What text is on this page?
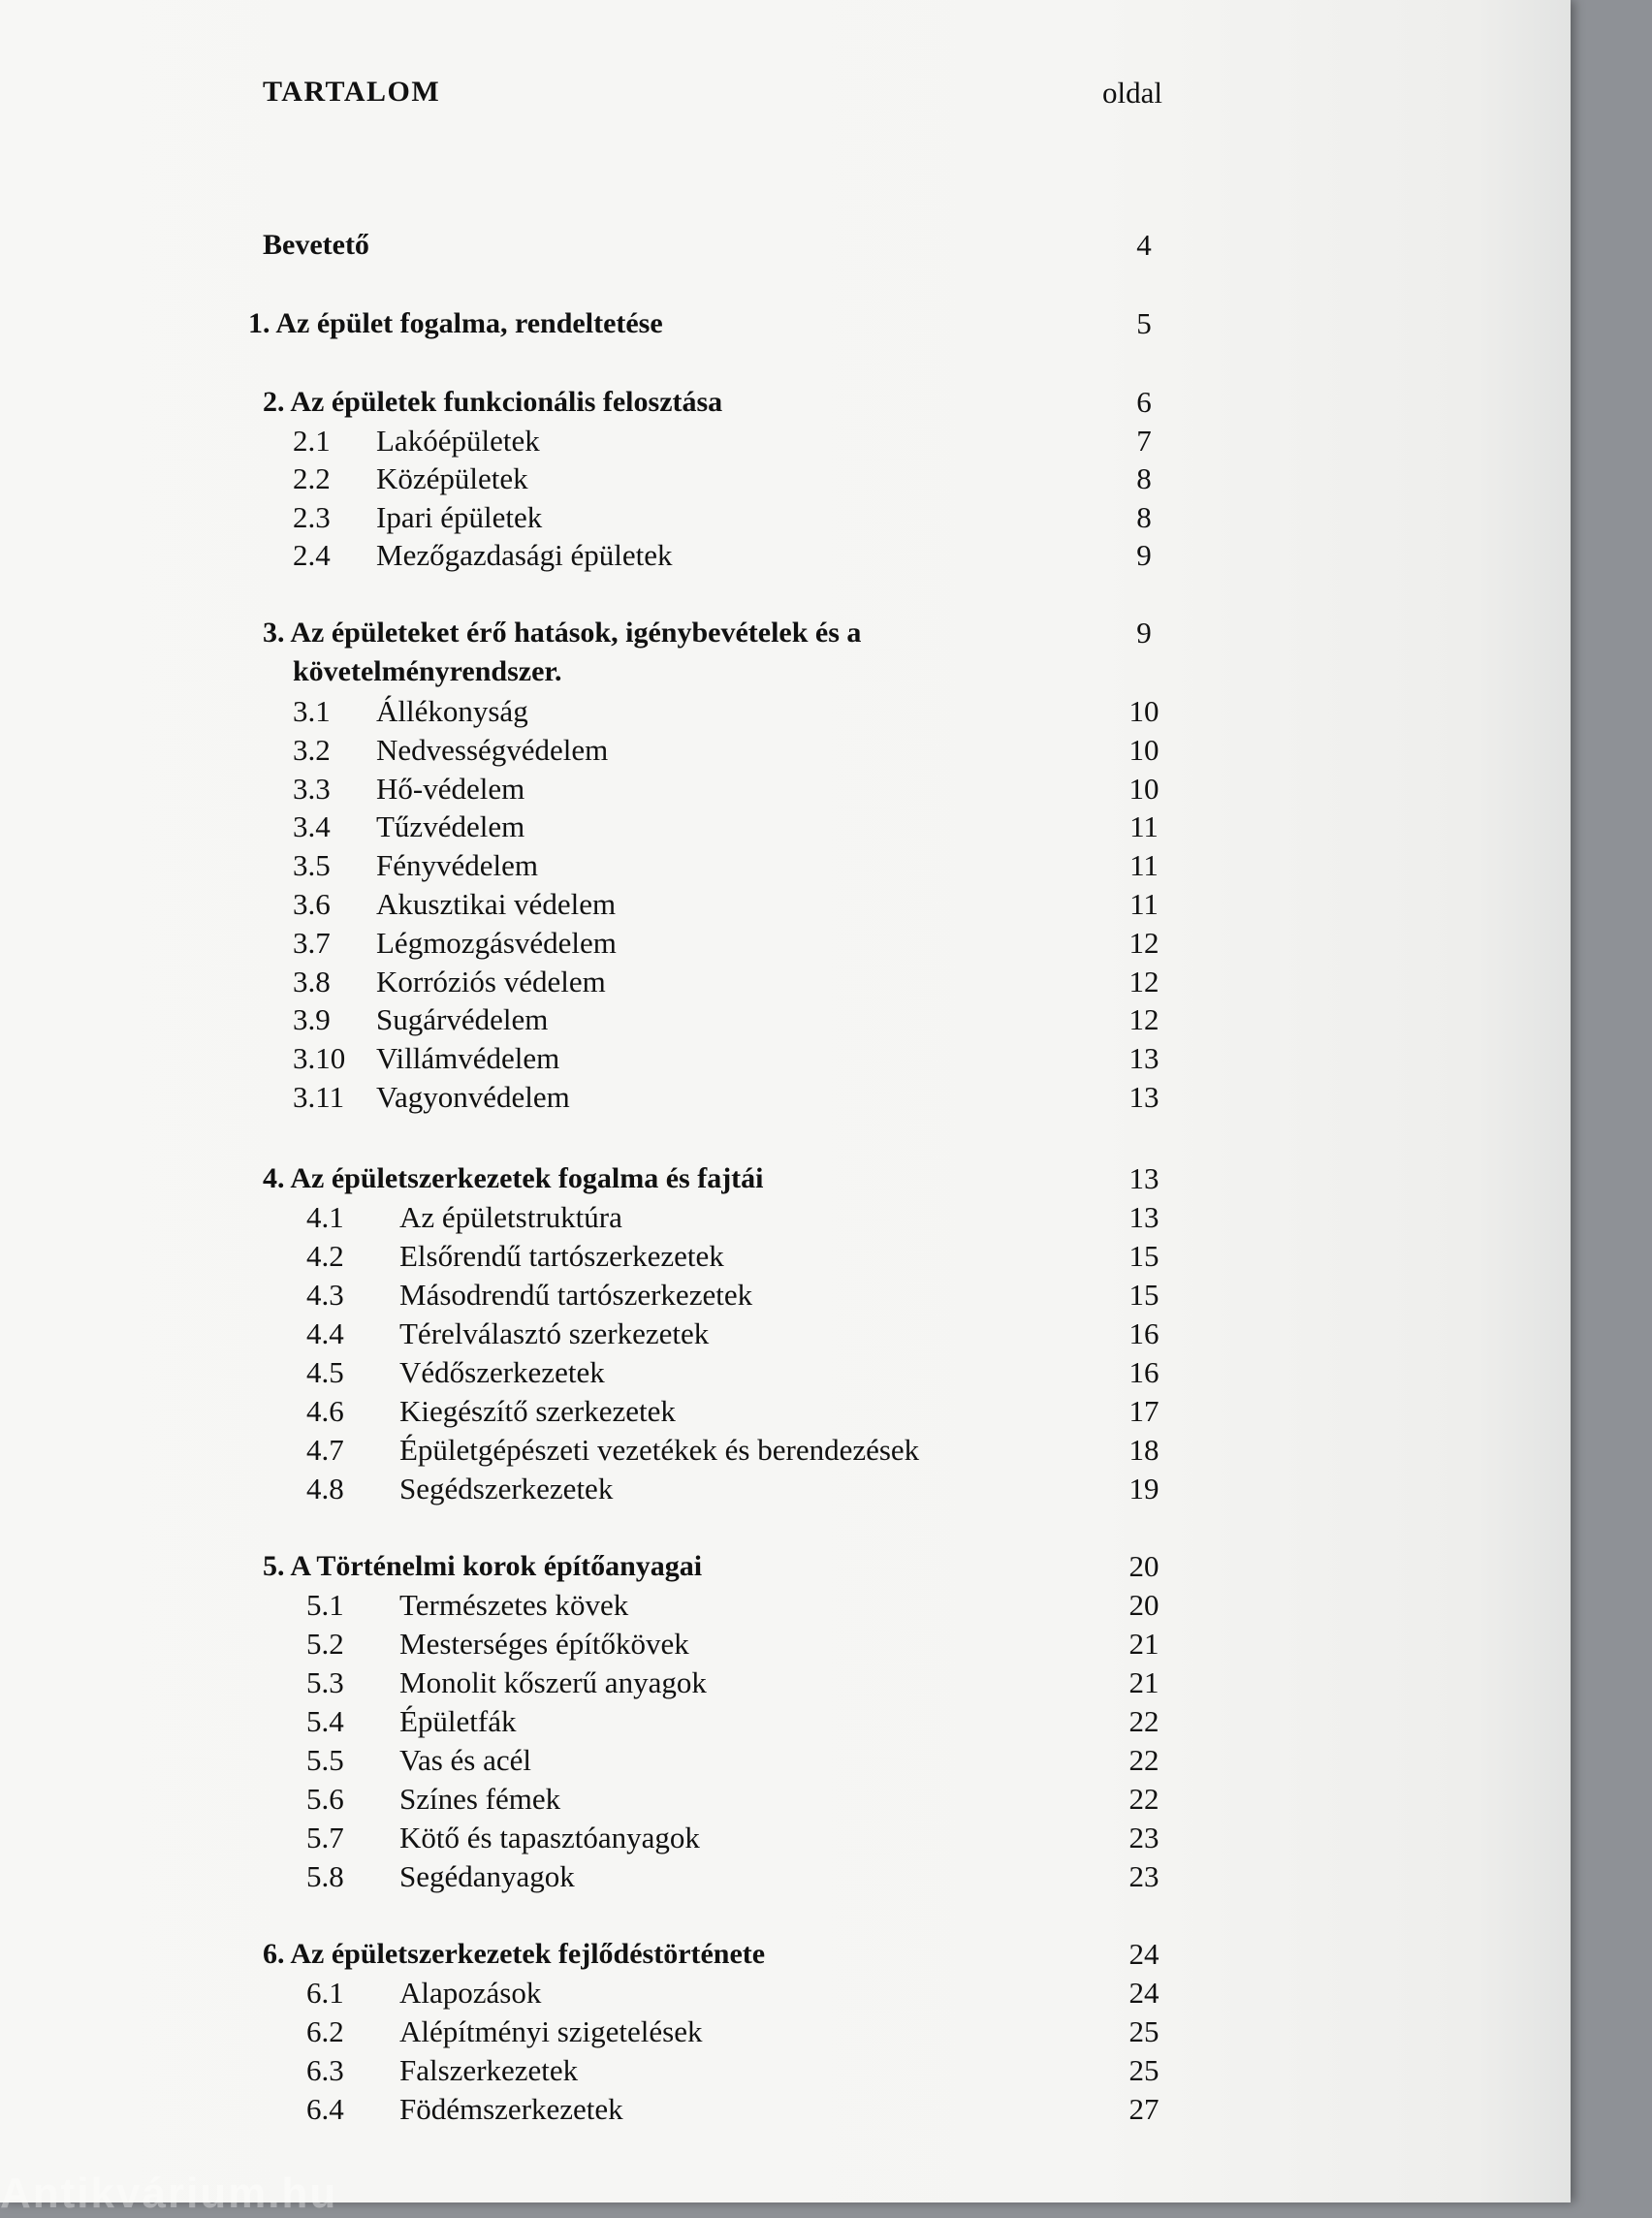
TARTALOM	oldal
Bevetető	4
1. Az épület fogalma, rendeltetése	5
2. Az épületek funkcionális felosztása	6
2.1 Lakóépületek	7
2.2 Középületek	8
2.3 Ipari épületek	8
2.4 Mezőgazdasági épületek	9
3. Az épületeket érő hatások, igénybevételek és a	9
követelményrendszer.
3.1 Állékonyság	10
3.2 Nedvességvédelem	10
3.3 Hő-védelem	10
3.4 Tűzvédelem	11
3.5 Fényvédelem	11
3.6 Akusztikai védelem	11
3.7 Légmozgásvédelem	12
3.8 Korróziós védelem	12
3.9 Sugárvédelem	12
3.10 Villámvédelem	13
3.11 Vagyonvédelem	13
4. Az épületszerkezetek fogalma és fajtái	13
4.1 Az épületstruktúra	13
4.2 Elsőrendű tartószerkezetek	15
4.3 Másodrendű tartószerkezetek	15
4.4 Térelválasztó szerkezetek	16
4.5 Védőszerkezetek	16
4.6 Kiegészítő szerkezetek	17
4.7 Épületgépészeti vezetékek és berendezések	18
4.8 Segédszerkezetek	19
5. A Történelmi korok építőanyagai	20
5.1 Természetes kövek	20
5.2 Mesterséges építőkövek	21
5.3 Monolit kőszerű anyagok	21
5.4 Épületfák	22
5.5 Vas és acél	22
5.6 Színes fémek	22
5.7 Kötő és tapasztóanyagok	23
5.8 Segédanyagok	23
6. Az épületszerkezetek fejlődéstörténete	24
6.1 Alapozások	24
6.2 Alépítményi szigetelések	25
6.3 Falszerkezetek	25
6.4 Födémszerkezetek	27
Antikvárium.hu
